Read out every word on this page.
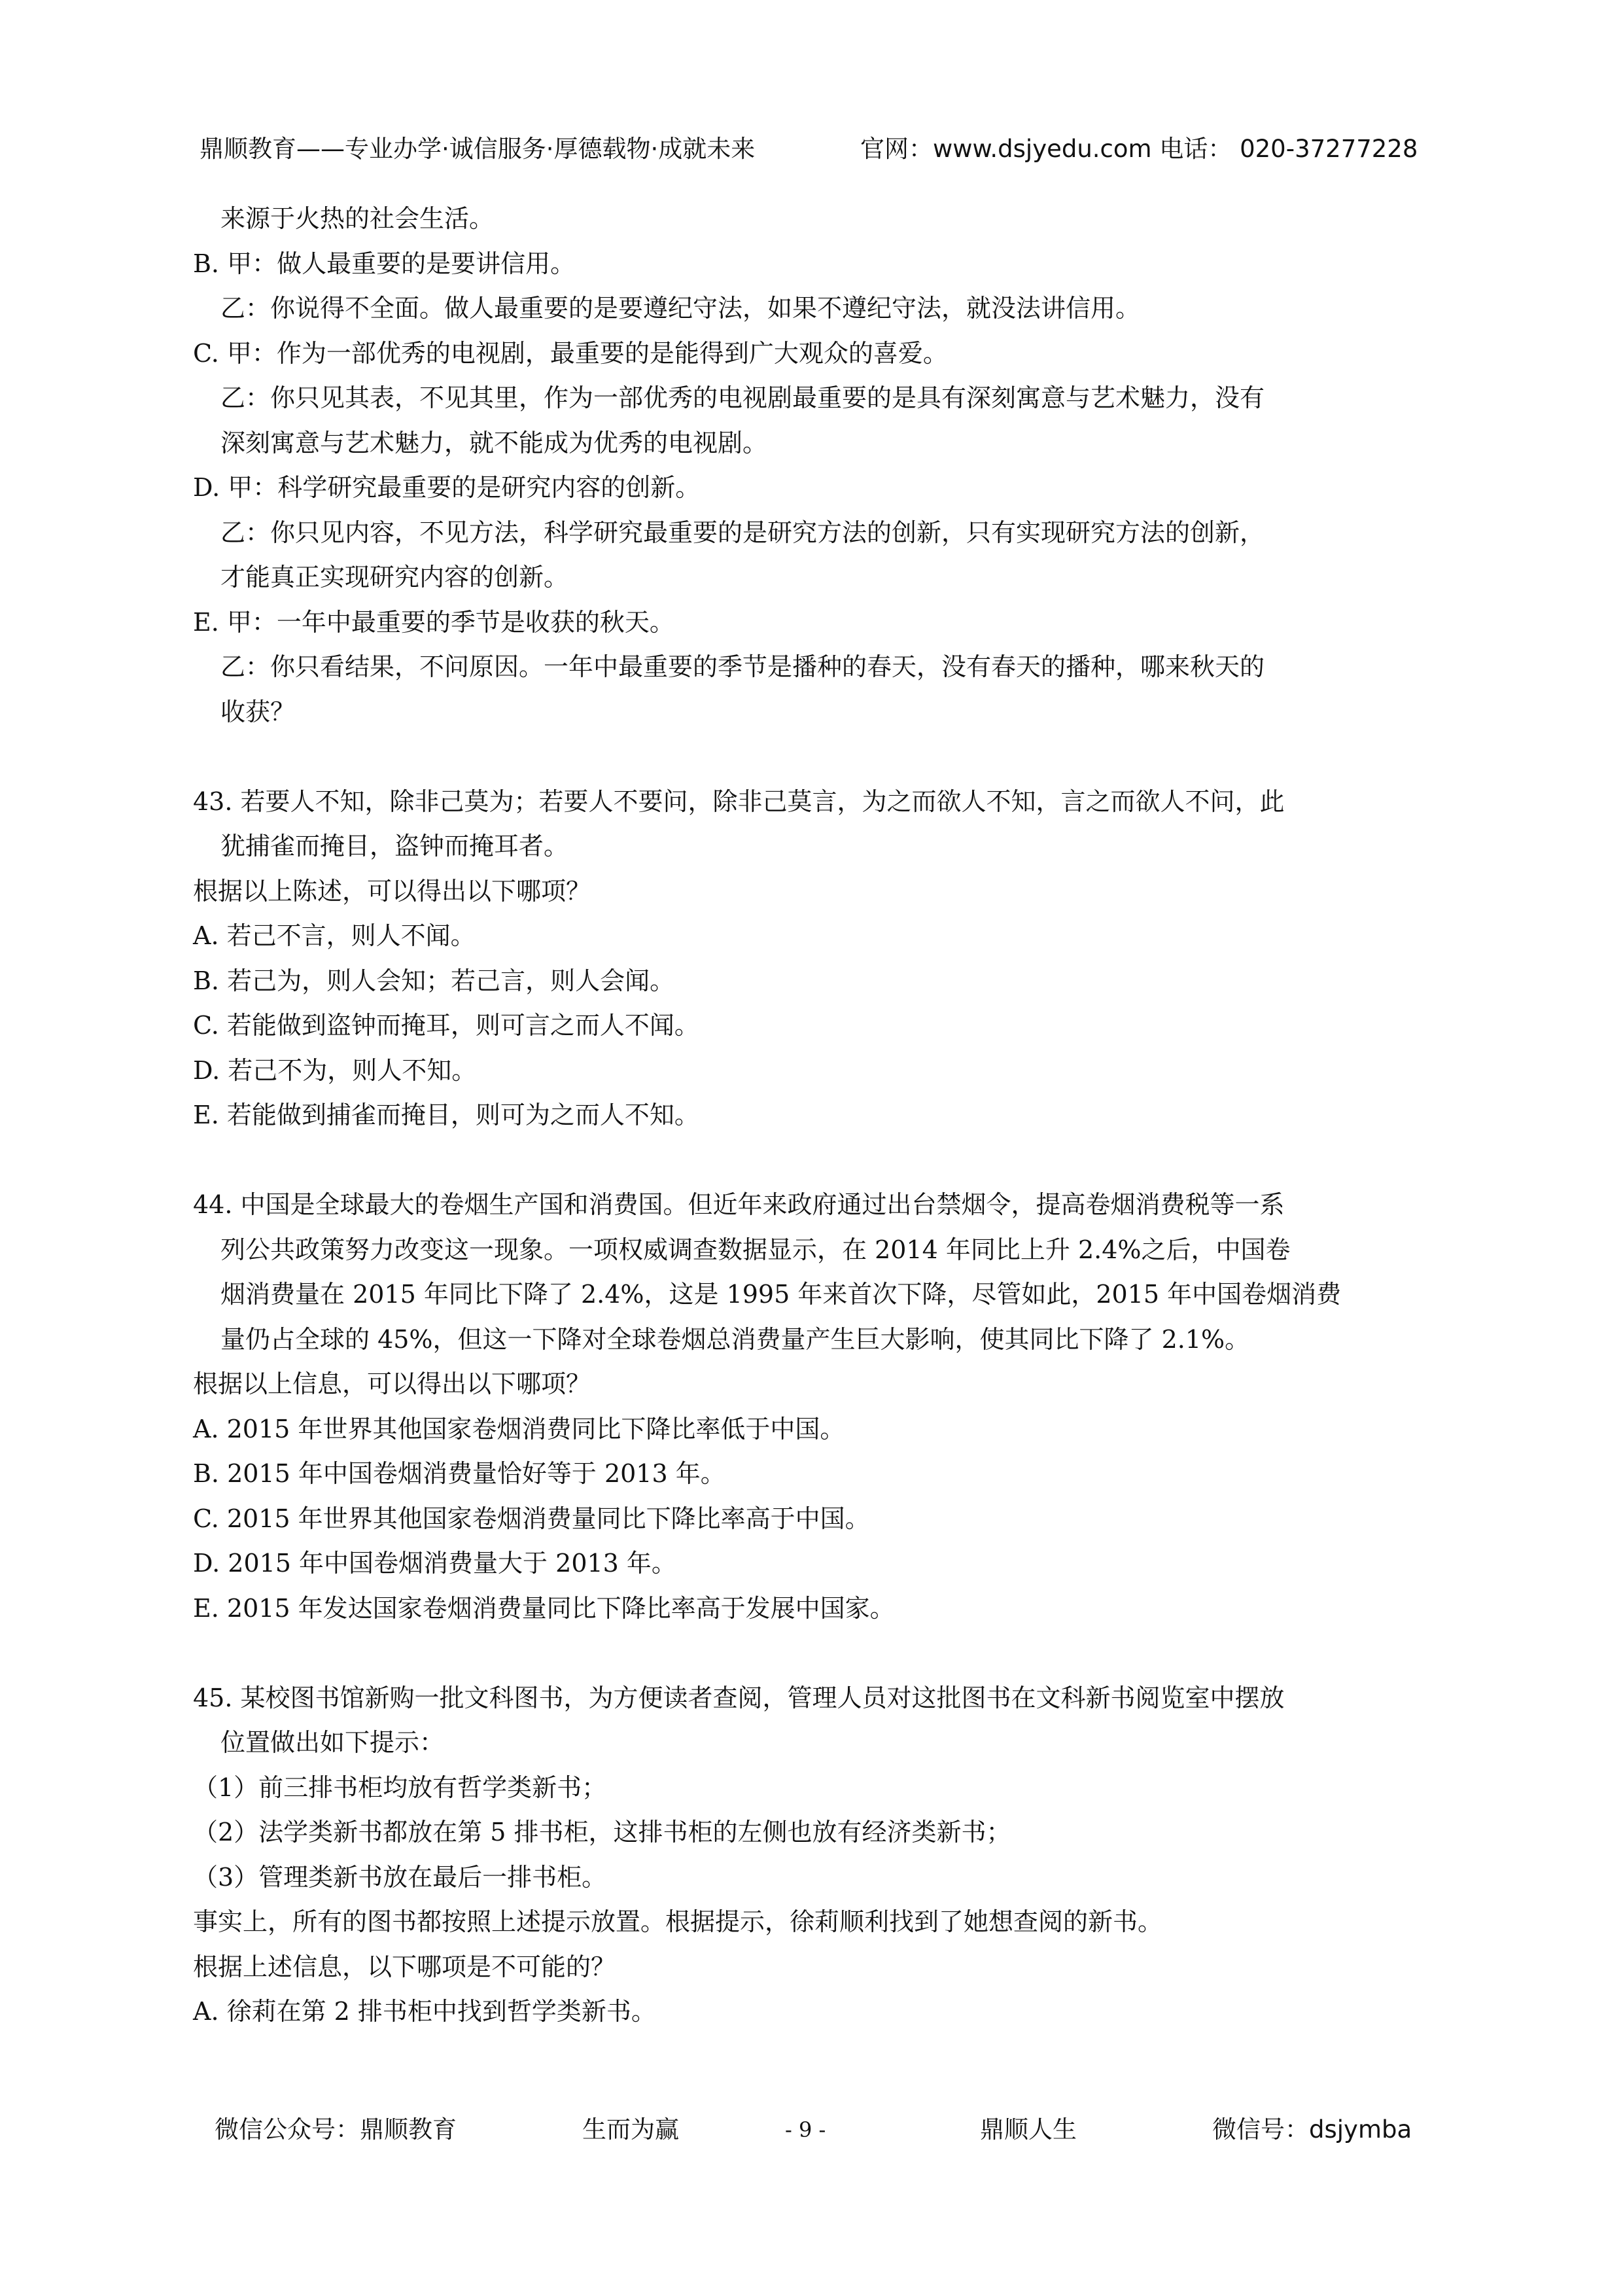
鼎顺教育——专业办学·诚信服务·厚德载物·成就未来	官网：www.dsjyedu.com 电话： 020-37277228
来源于火热的社会生活。
B. 甲：做人最重要的是要讲信用。
乙：你说得不全面。做人最重要的是要遵纪守法，如果不遵纪守法，就没法讲信用。
C. 甲：作为一部优秀的电视剧，最重要的是能得到广大观众的喜爱。
乙：你只见其表，不见其里，作为一部优秀的电视剧最重要的是具有深刻寓意与艺术魅力，没有
深刻寓意与艺术魅力，就不能成为优秀的电视剧。
D. 甲：科学研究最重要的是研究内容的创新。
乙：你只见内容，不见方法，科学研究最重要的是研究方法的创新，只有实现研究方法的创新，
才能真正实现研究内容的创新。
E. 甲：一年中最重要的季节是收获的秋天。
乙：你只看结果，不问原因。一年中最重要的季节是播种的春天，没有春天的播种，哪来秋天的
收获？
43. 若要人不知，除非己莫为；若要人不要问，除非己莫言，为之而欲人不知，言之而欲人不问，此
犹捕雀而掩目，盗钟而掩耳者。
根据以上陈述，可以得出以下哪项？
A. 若己不言，则人不闻。
B. 若己为，则人会知；若己言，则人会闻。
C. 若能做到盗钟而掩耳，则可言之而人不闻。
D. 若己不为，则人不知。
E. 若能做到捕雀而掩目，则可为之而人不知。
44. 中国是全球最大的卷烟生产国和消费国。但近年来政府通过出台禁烟令，提高卷烟消费税等一系
列公共政策努力改变这一现象。一项权威调查数据显示，在 2014 年同比上升 2.4%之后，中国卷
烟消费量在 2015 年同比下降了 2.4%，这是 1995 年来首次下降，尽管如此，2015 年中国卷烟消费
量仍占全球的 45%，但这一下降对全球卷烟总消费量产生巨大影响，使其同比下降了 2.1%。
根据以上信息，可以得出以下哪项？
A. 2015 年世界其他国家卷烟消费同比下降比率低于中国。
B. 2015 年中国卷烟消费量恰好等于 2013 年。
C. 2015 年世界其他国家卷烟消费量同比下降比率高于中国。
D. 2015 年中国卷烟消费量大于 2013 年。
E. 2015 年发达国家卷烟消费量同比下降比率高于发展中国家。
45. 某校图书馆新购一批文科图书，为方便读者查阅，管理人员对这批图书在文科新书阅览室中摆放
位置做出如下提示：
（1）前三排书柜均放有哲学类新书；
（2）法学类新书都放在第 5 排书柜，这排书柜的左侧也放有经济类新书；
（3）管理类新书放在最后一排书柜。
事实上，所有的图书都按照上述提示放置。根据提示，徐莉顺利找到了她想查阅的新书。
根据上述信息，以下哪项是不可能的？
A. 徐莉在第 2 排书柜中找到哲学类新书。
微信公众号：鼎顺教育	生而为赢	- 9 -	鼎顺人生	微信号：dsjymba
